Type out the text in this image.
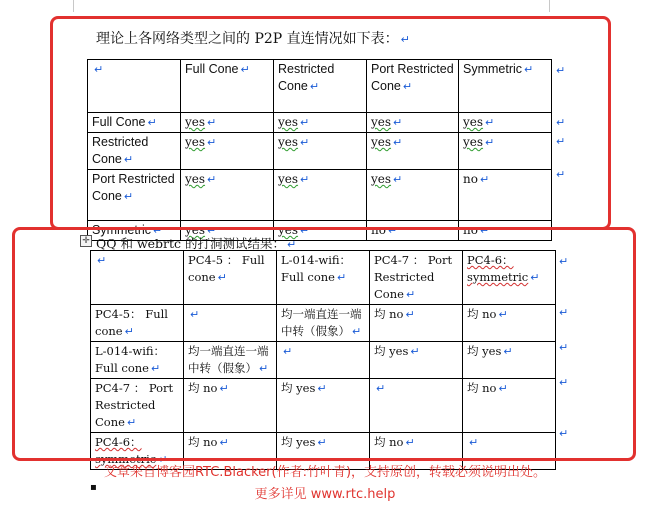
理论上各网络类型之间的 P2P 直连情况如下表： ↵
↵	Full Cone ↵	Restricted Cone ↵	Port Restricted Cone ↵	Symmetric ↵
Full Cone ↵	yes ↵	yes ↵	yes ↵	yes ↵
Restricted Cone ↵	yes ↵	yes ↵	yes ↵	yes ↵
Port Restricted Cone ↵	yes ↵	yes ↵	yes ↵	no ↵
Symmetric ↵	yes ↵	yes ↵	no ↵	no ↵
✛ QQ 和 webrtc 的打洞测试结果： ↵
↵	PC4-5 ： Full cone ↵	L-014-wifi： Full cone ↵	PC4-7 ： Port Restricted Cone ↵	PC4-6： symmetric ↵
PC4-5： Full cone ↵	↵	均一端直连一端中转（假象） ↵	均 no ↵	均 no ↵
L-014-wifi： Full cone ↵	均一端直连一端中转（假象） ↵	↵	均 yes ↵	均 yes ↵
PC4-7 ： Port Restricted Cone ↵	均 no ↵	均 yes ↵	↵	均 no ↵
PC4-6： symmetric ↵	均 no ↵	均 yes ↵	均 no ↵	↵
↵
↵
↵
↵
↵
↵
↵
↵
↵
文章来自博客园RTC.Blacker(作者:竹叶青)，支持原创，转载必须说明出处。
更多详见 www.rtc.help
▪
